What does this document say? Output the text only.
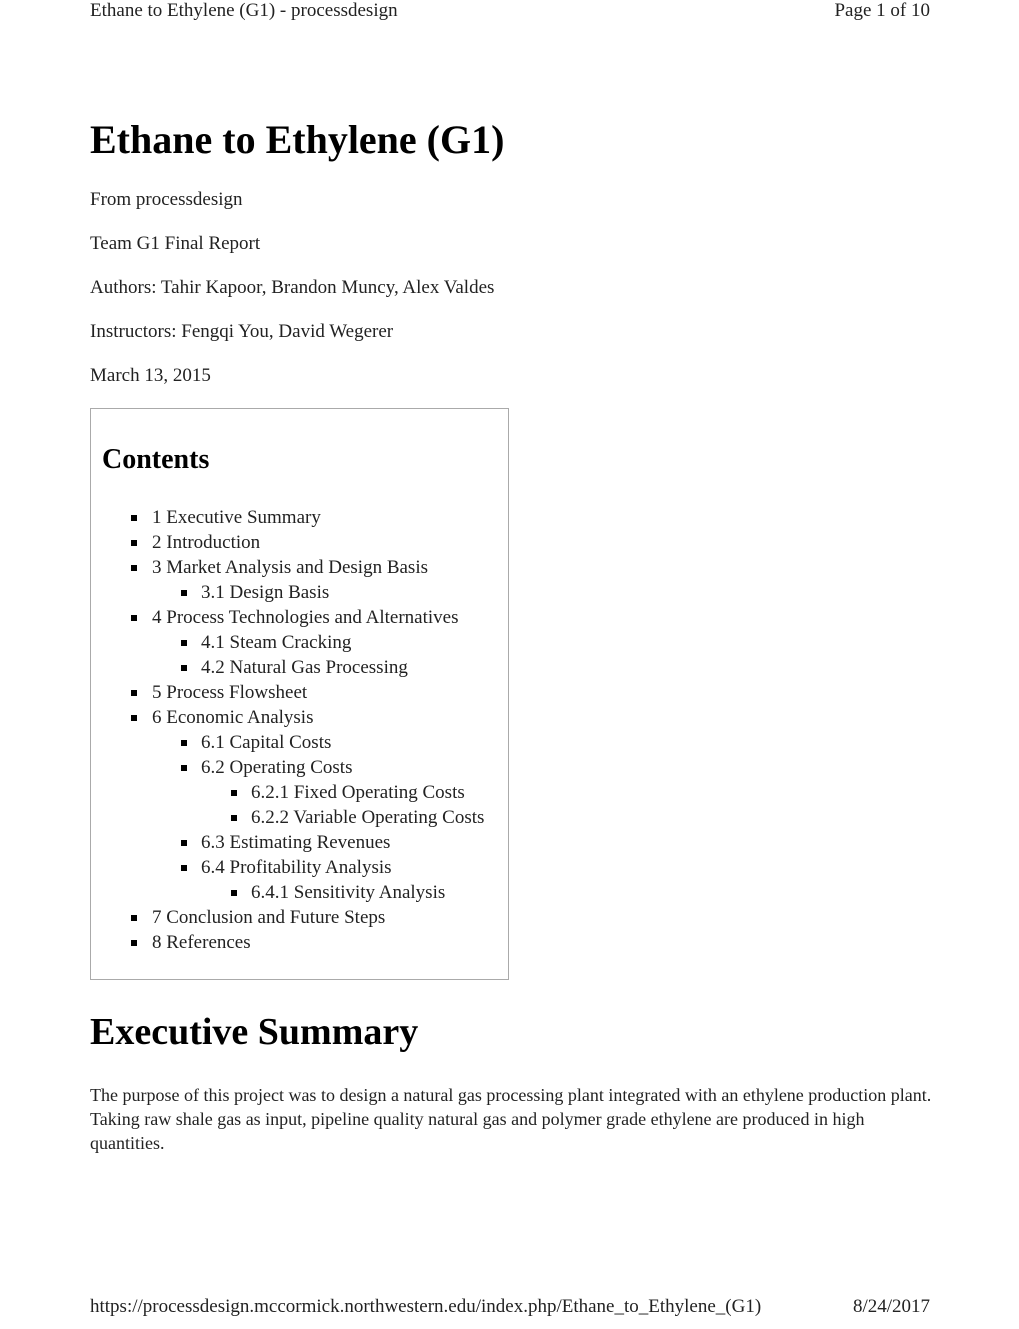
Ethane to Ethylene (G1) - processdesign	Page 1 of 10
Ethane to Ethylene (G1)

From processdesign

Team G1 Final Report

Authors: Tahir Kapoor, Brandon Muncy, Alex Valdes

Instructors: Fengqi You, David Wegerer

March 13, 2015

Contents
1 Executive Summary
2 Introduction
3 Market Analysis and Design Basis
3.1 Design Basis
4 Process Technologies and Alternatives
4.1 Steam Cracking
4.2 Natural Gas Processing
5 Process Flowsheet
6 Economic Analysis
6.1 Capital Costs
6.2 Operating Costs
6.2.1 Fixed Operating Costs
6.2.2 Variable Operating Costs
6.3 Estimating Revenues
6.4 Profitability Analysis
6.4.1 Sensitivity Analysis
7 Conclusion and Future Steps
8 References
Executive Summary

The purpose of this project was to design a natural gas processing plant integrated with an ethylene production plant. Taking raw shale gas as input, pipeline quality natural gas and polymer grade ethylene are produced in high quantities.

https://processdesign.mccormick.northwestern.edu/index.php/Ethane_to_Ethylene_(G1)	8/24/2017
